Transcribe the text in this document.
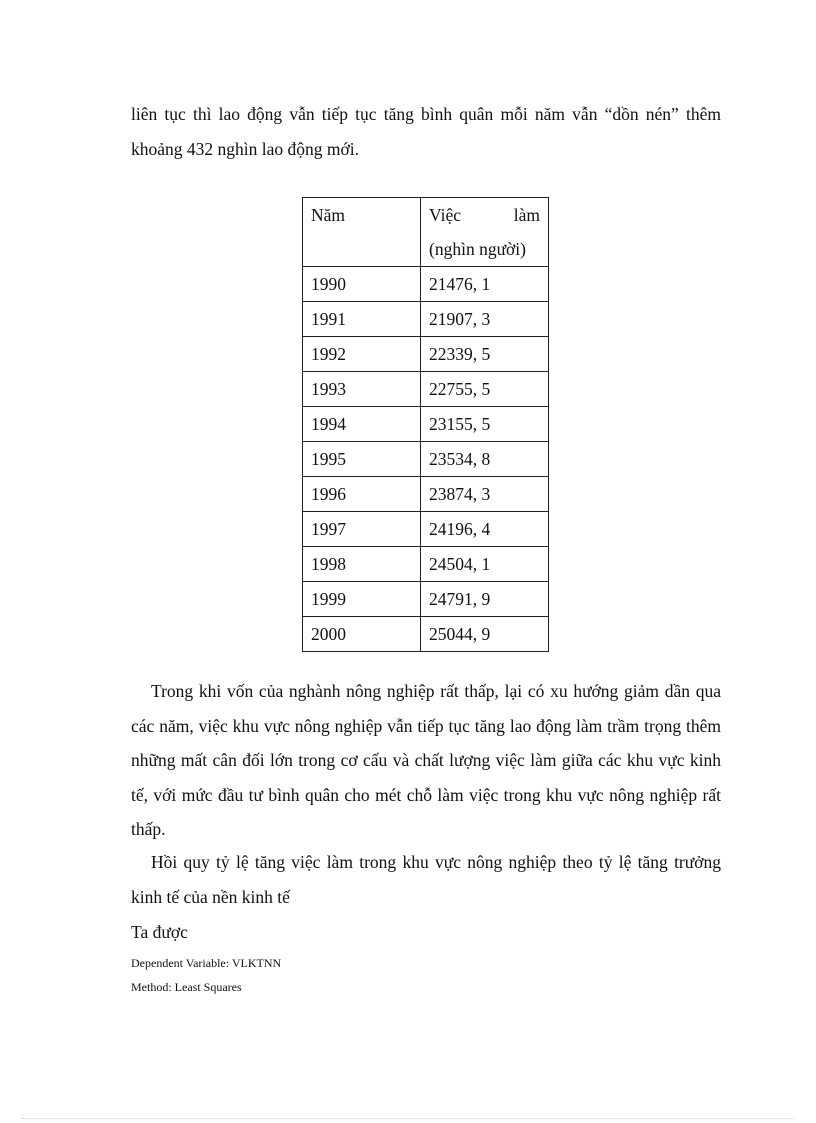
liên tục thì lao động vẫn tiếp tục tăng bình quân mỗi năm vẫn “dồn nén” thêm khoảng 432 nghìn lao động mới.

Năm	Việc làm
(nghìn người)

1990	21476, 1
1991	21907, 3
1992	22339, 5
1993	22755, 5
1994	23155, 5
1995	23534, 8
1996	23874, 3
1997	24196, 4
1998	24504, 1
1999	24791, 9
2000	25044, 9

Trong khi vốn của nghành nông nghiệp rất thấp, lại có xu hướng giảm dần qua các năm, việc khu vực nông nghiệp vẫn tiếp tục tăng lao động làm trầm trọng thêm những mất cân đối lớn trong cơ cấu và chất lượng việc làm giữa các khu vực kinh tế, với mức đầu tư bình quân cho mét chỗ làm việc trong khu vực nông nghiệp rất thấp.

Hồi quy tỷ lệ tăng việc làm trong khu vực nông nghiệp theo tỷ lệ tăng trưởng kinh tế của nền kinh tế

Ta được

Dependent Variable: VLKTNN

Method: Least Squares
